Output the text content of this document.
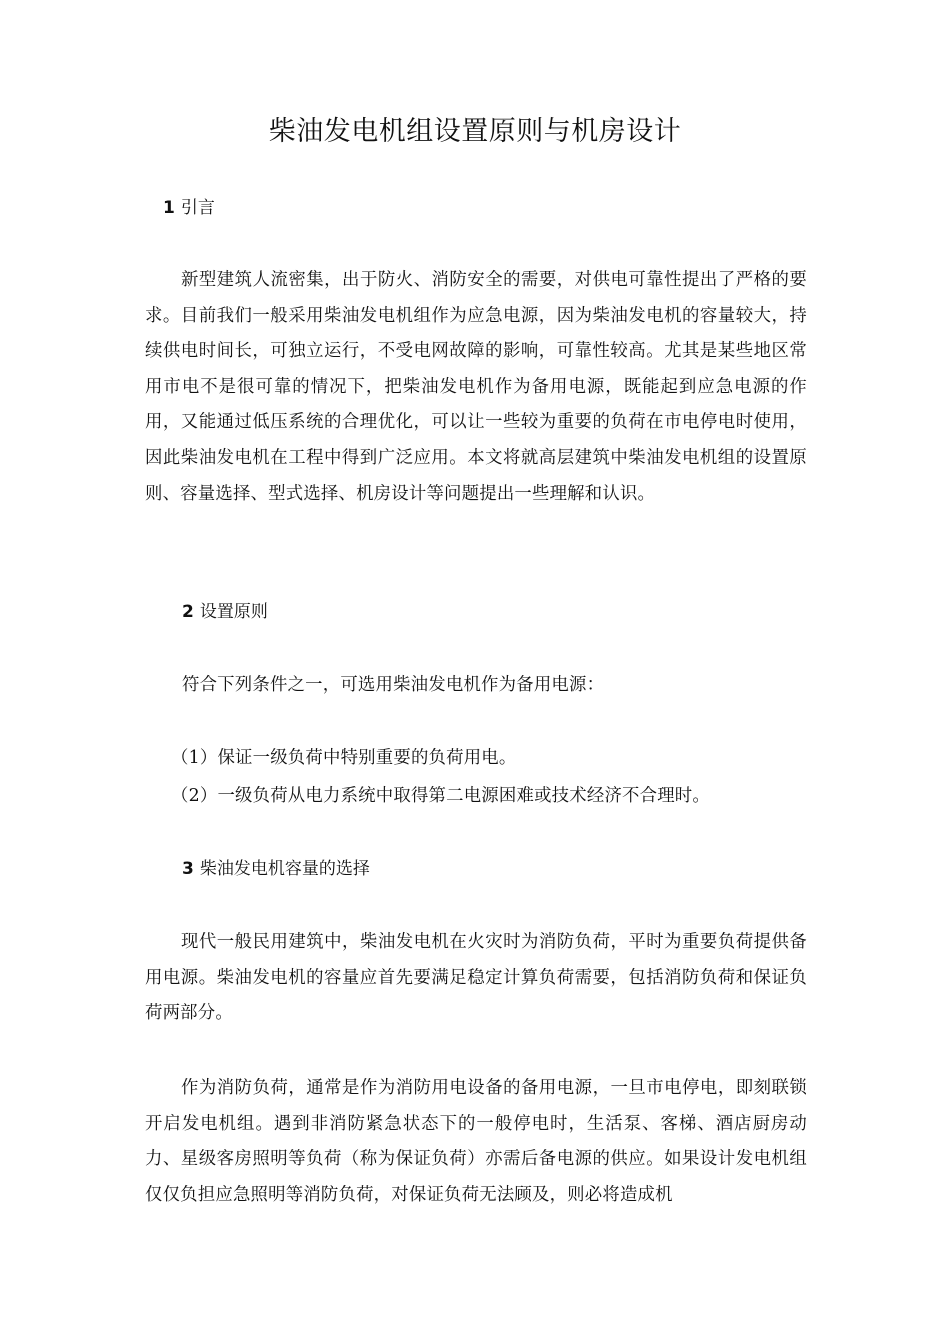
柴油发电机组设置原则与机房设计
1 引言

新型建筑人流密集，出于防火、消防安全的需要，对供电可靠性提出了严格的要求。目前我们一般采用柴油发电机组作为应急电源，因为柴油发电机的容量较大，持续供电时间长，可独立运行，不受电网故障的影响，可靠性较高。尤其是某些地区常用市电不是很可靠的情况下，把柴油发电机作为备用电源，既能起到应急电源的作用，又能通过低压系统的合理优化，可以让一些较为重要的负荷在市电停电时使用，因此柴油发电机在工程中得到广泛应用。本文将就高层建筑中柴油发电机组的设置原则、容量选择、型式选择、机房设计等问题提出一些理解和认识。

2 设置原则

符合下列条件之一，可选用柴油发电机作为备用电源：

（1）保证一级负荷中特别重要的负荷用电。

（2）一级负荷从电力系统中取得第二电源困难或技术经济不合理时。

3 柴油发电机容量的选择

现代一般民用建筑中，柴油发电机在火灾时为消防负荷，平时为重要负荷提供备用电源。柴油发电机的容量应首先要满足稳定计算负荷需要，包括消防负荷和保证负荷两部分。

作为消防负荷，通常是作为消防用电设备的备用电源，一旦市电停电，即刻联锁开启发电机组。遇到非消防紧急状态下的一般停电时，生活泵、客梯、酒店厨房动力、星级客房照明等负荷（称为保证负荷）亦需后备电源的供应。如果设计发电机组仅仅负担应急照明等消防负荷，对保证负荷无法顾及，则必将造成机
